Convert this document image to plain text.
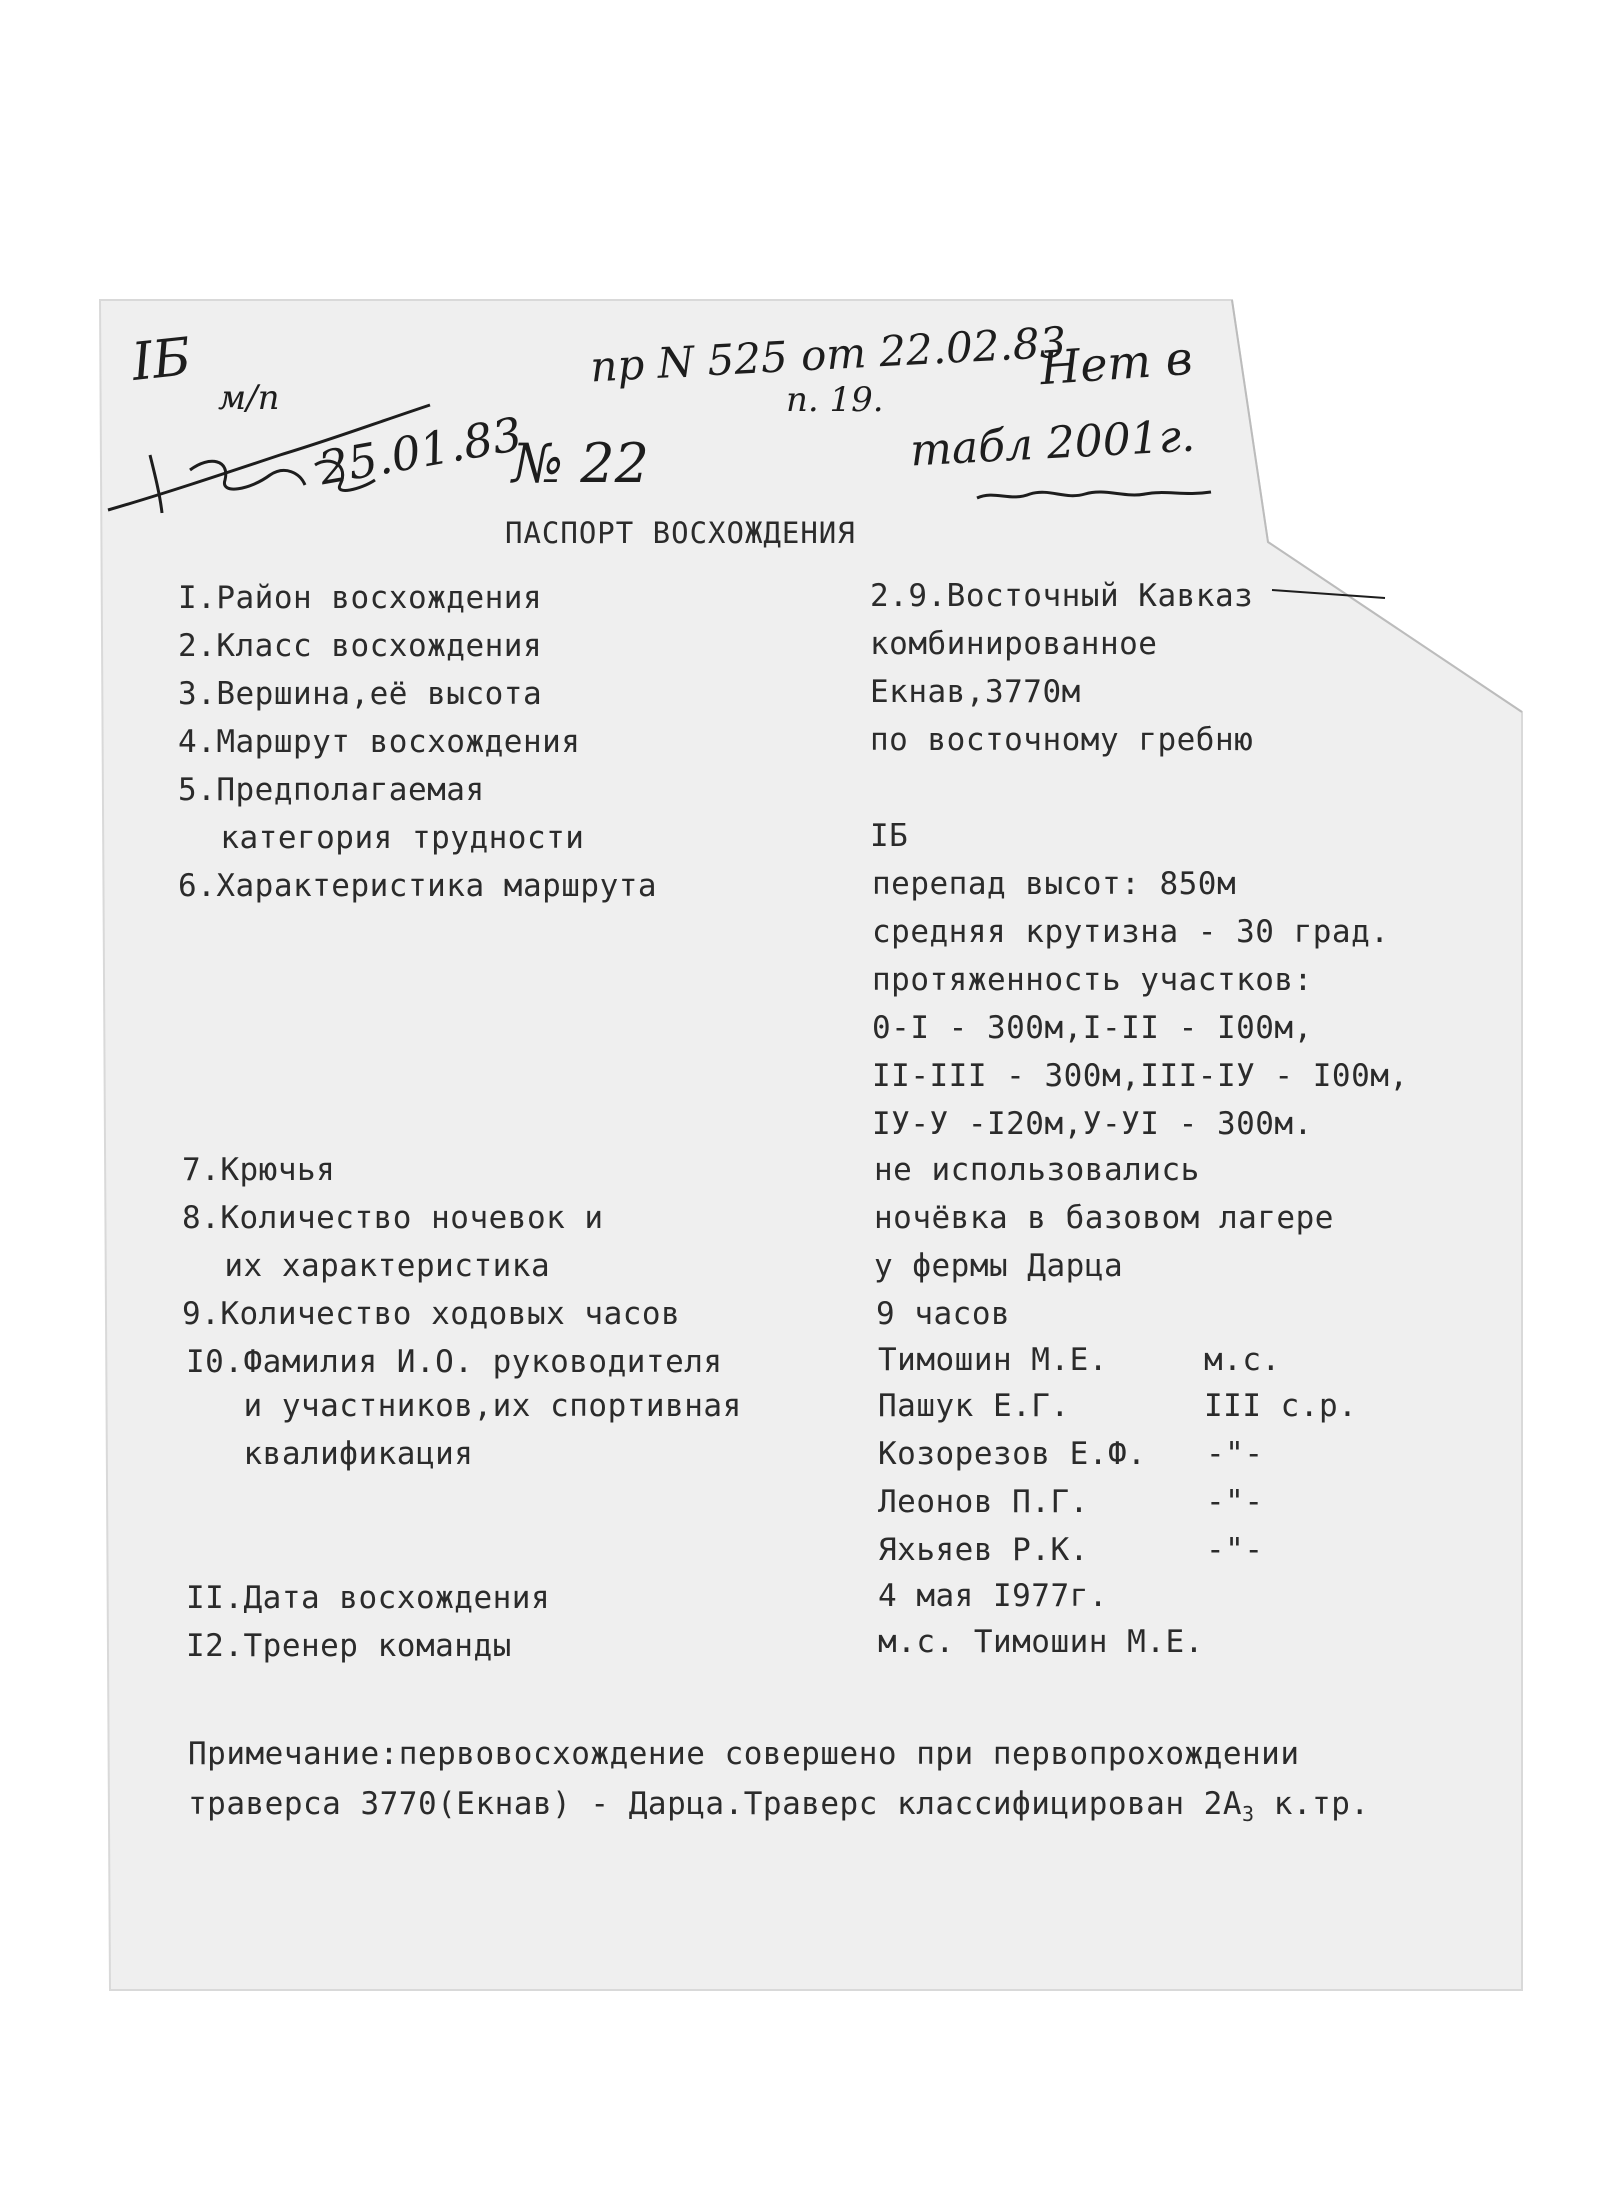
IБ
м/п
25.01.83
№ 22
пр N 525 от 22.02.83
п. 19.
Нет в
табл 2001г.
ПАСПОРТ ВОСХОЖДЕНИЯ
I.Район восхождения
2.Класс восхождения
3.Вершина,её высота
4.Маршрут восхождения
5.Предполагаемая
категория трудности
6.Характеристика маршрута
7.Крючья
8.Количество ночевок и
их характеристика
9.Количество ходовых часов
I0.Фамилия И.О. руководителя
и участников,их спортивная
квалификация
II.Дата восхождения
I2.Тренер команды
2.9.Восточный Кавказ
комбинированное
Екнав,3770м
по восточному гребню
IБ
перепад высот: 850м
средняя крутизна - 30 град.
протяженность участков:
0-I - 300м,I-II - I00м,
II-III - 300м,III-IУ - I00м,
IУ-У -I20м,У-УI - 300м.
не использовались
ночёвка в базовом лагере
у фермы Дарца
9 часов
Тимошин М.Е.
Пашук Е.Г.
Козорезов Е.Ф.
Леонов П.Г.
Яхьяев Р.К.
4 мая I977г.
м.с. Тимошин М.Е.
м.с.
III с.р.
-"-
-"-
-"-
Примечание:первовосхождение совершено при первопрохождении
траверса 3770(Екнав) - Дарца.Траверс классифицирован $2А_3$ к.тр.
